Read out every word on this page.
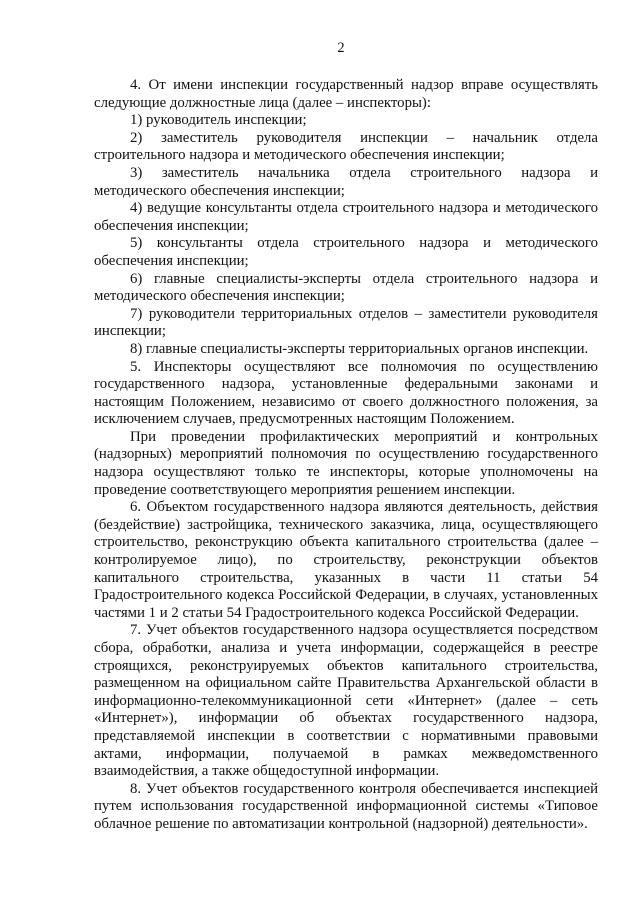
2

4. От имени инспекции государственный надзор вправе осуществлять следующие должностные лица (далее – инспекторы):

1) руководитель инспекции;

2) заместитель руководителя инспекции – начальник отдела строительного надзора и методического обеспечения инспекции;

3) заместитель начальника отдела строительного надзора и методического обеспечения инспекции;

4) ведущие консультанты отдела строительного надзора и методического обеспечения инспекции;

5) консультанты отдела строительного надзора и методического обеспечения инспекции;

6) главные специалисты-эксперты отдела строительного надзора и методического обеспечения инспекции;

7) руководители территориальных отделов – заместители руководителя инспекции;

8) главные специалисты-эксперты территориальных органов инспекции.

5. Инспекторы осуществляют все полномочия по осуществлению государственного надзора, установленные федеральными законами и настоящим Положением, независимо от своего должностного положения, за исключением случаев, предусмотренных настоящим Положением.

При проведении профилактических мероприятий и контрольных (надзорных) мероприятий полномочия по осуществлению государственного надзора осуществляют только те инспекторы, которые уполномочены на проведение соответствующего мероприятия решением инспекции.

6. Объектом государственного надзора являются деятельность, действия (бездействие) застройщика, технического заказчика, лица, осуществляющего строительство, реконструкцию объекта капитального строительства (далее – контролируемое лицо), по строительству, реконструкции объектов капитального строительства, указанных в части 11 статьи 54 Градостроительного кодекса Российской Федерации, в случаях, установленных частями 1 и 2 статьи 54 Градостроительного кодекса Российской Федерации.

7. Учет объектов государственного надзора осуществляется посредством сбора, обработки, анализа и учета информации, содержащейся в реестре строящихся, реконструируемых объектов капитального строительства, размещенном на официальном сайте Правительства Архангельской области в информационно-телекоммуникационной сети «Интернет» (далее – сеть «Интернет»), информации об объектах государственного надзора, представляемой инспекции в соответствии с нормативными правовыми актами, информации, получаемой в рамках межведомственного взаимодействия, а также общедоступной информации.

8. Учет объектов государственного контроля обеспечивается инспекцией путем использования государственной информационной системы «Типовое облачное решение по автоматизации контрольной (надзорной) деятельности».
